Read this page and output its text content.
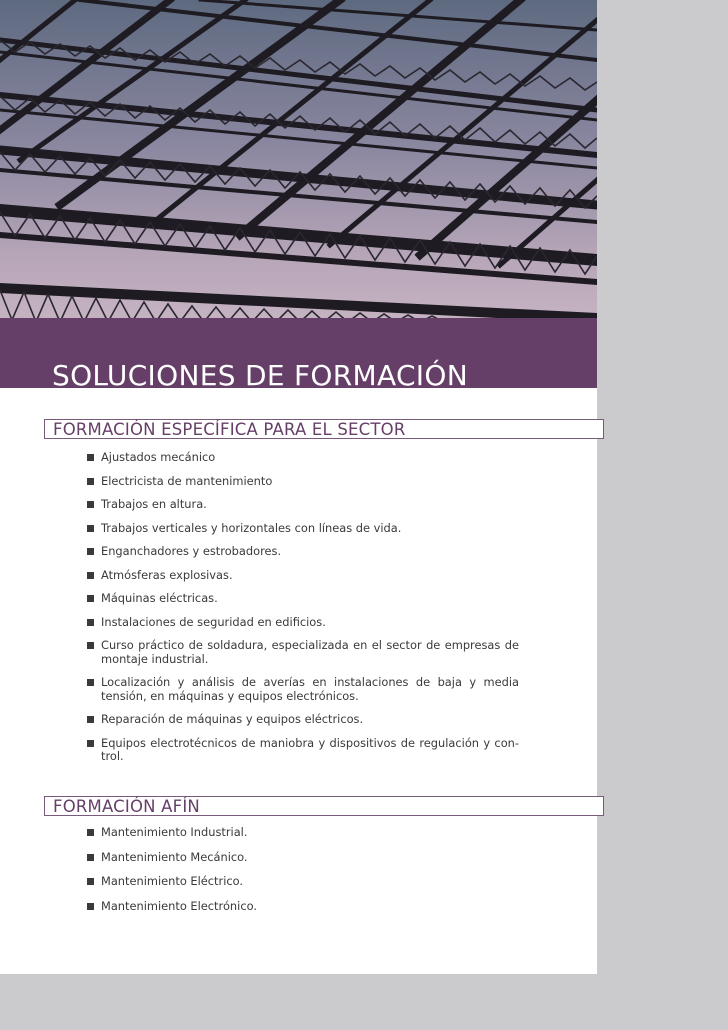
SOLUCIONES DE FORMACIÓN
FORMACIÓN ESPECÍFICA PARA EL SECTOR
Ajustados mecánico
Electricista de mantenimiento
Trabajos en altura.
Trabajos verticales y horizontales con líneas de vida.
Enganchadores y estrobadores.
Atmósferas explosivas.
Máquinas eléctricas.
Instalaciones de seguridad en edificios.
Curso práctico de soldadura, especializada en el sector de empresas de montaje industrial.
Localización y análisis de averías en instalaciones de baja y media tensión, en máquinas y equipos electrónicos.
Reparación de máquinas y equipos eléctricos.
Equipos electrotécnicos de maniobra y dispositivos de regulación y con-trol.
FORMACIÓN AFÍN
Mantenimiento Industrial.
Mantenimiento Mecánico.
Mantenimiento Eléctrico.
Mantenimiento Electrónico.
